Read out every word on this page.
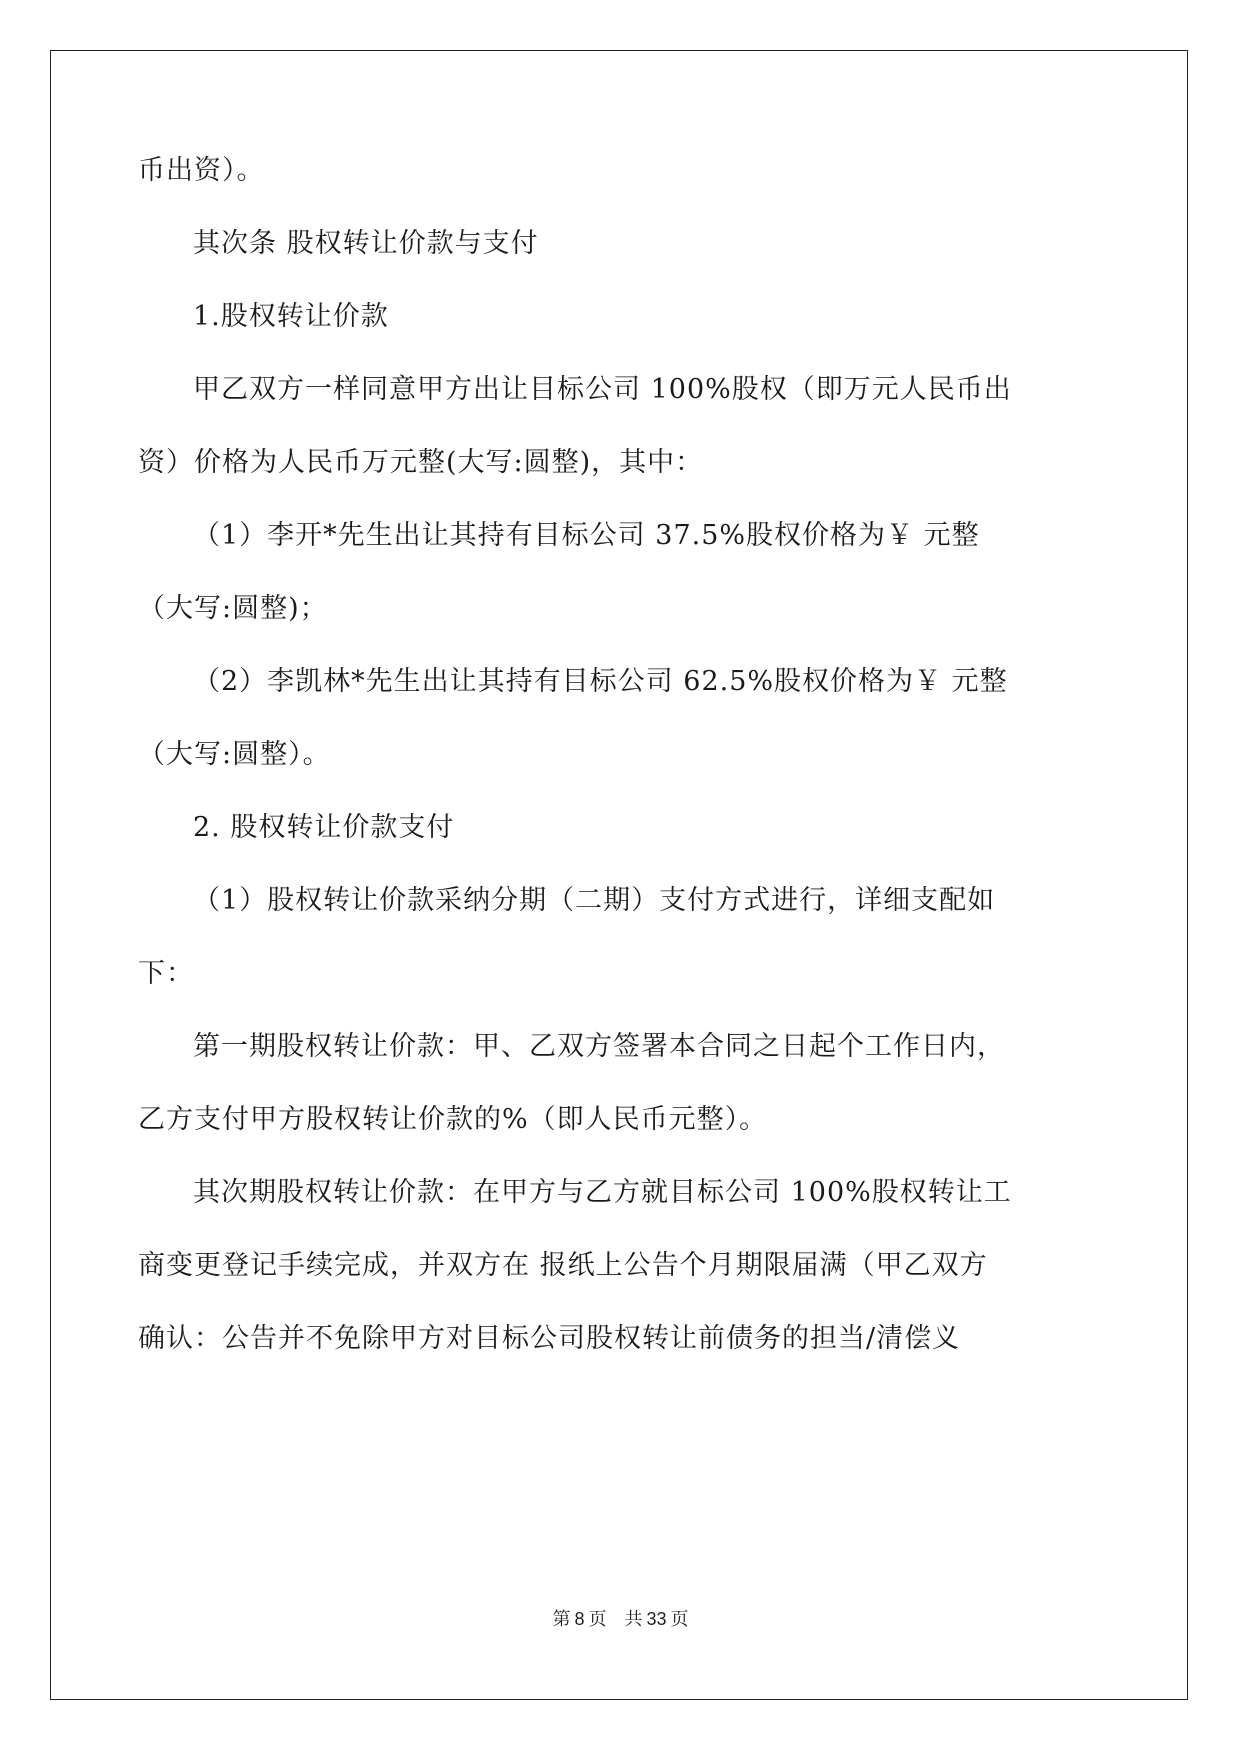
币出资）。
其次条 股权转让价款与支付
1.股权转让价款
甲乙双方一样同意甲方出让目标公司 100%股权（即万元人民币出
资）价格为人民币万元整(大写:圆整)，其中：
（1）李开*先生出让其持有目标公司 37.5%股权价格为￥ 元整
（大写:圆整)；
（2）李凯林*先生出让其持有目标公司 62.5%股权价格为￥ 元整
（大写:圆整）。
2. 股权转让价款支付
（1）股权转让价款采纳分期（二期）支付方式进行，详细支配如
下：
第一期股权转让价款：甲、乙双方签署本合同之日起个工作日内，
乙方支付甲方股权转让价款的%（即人民币元整）。
其次期股权转让价款：在甲方与乙方就目标公司 100%股权转让工
商变更登记手续完成，并双方在 报纸上公告个月期限届满（甲乙双方
确认：公告并不免除甲方对目标公司股权转让前债务的担当/清偿义
第 8 页　共 33 页
